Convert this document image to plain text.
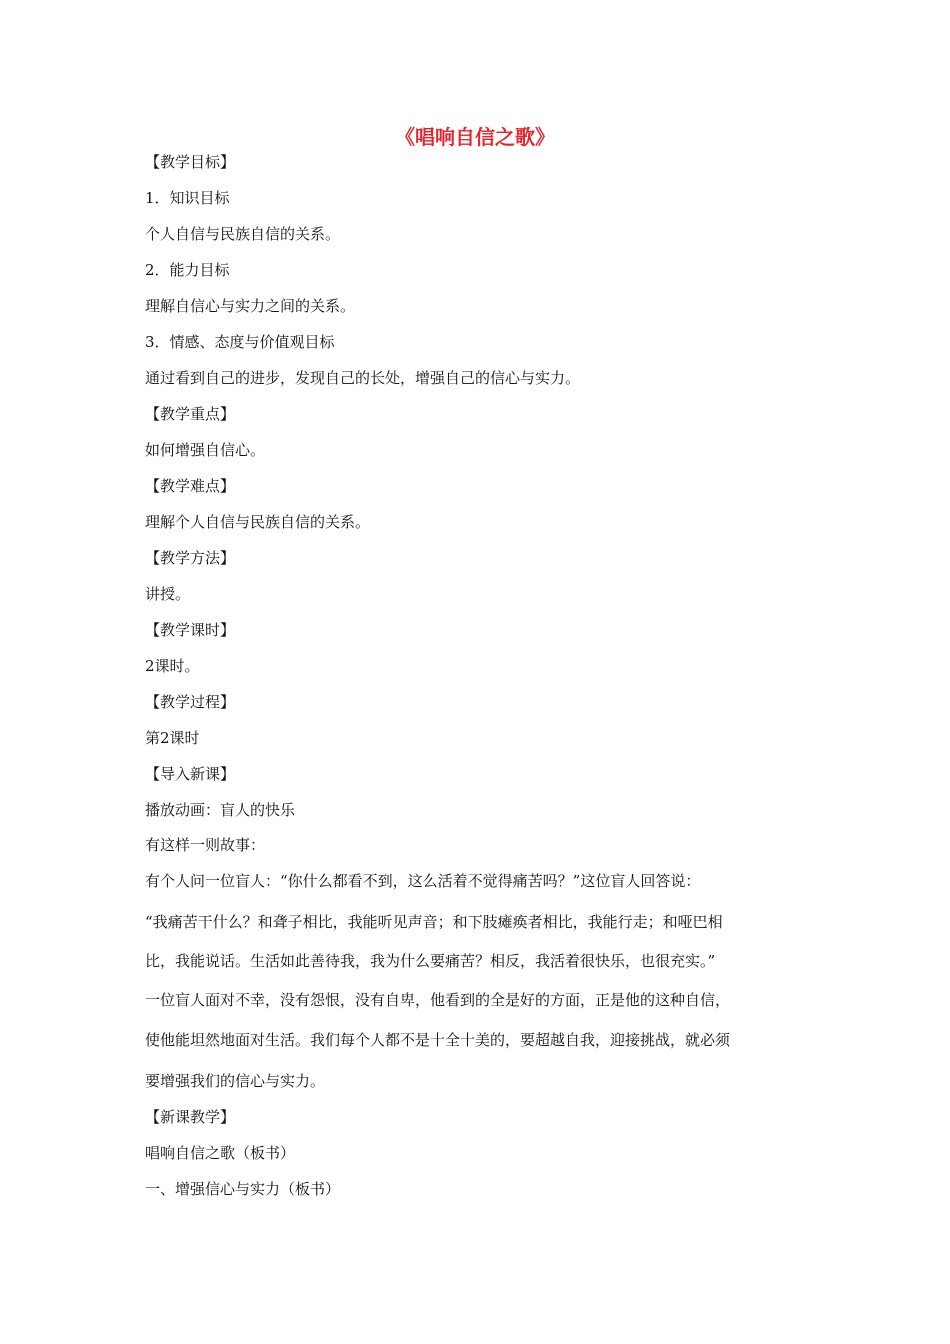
《唱响自信之歌》
【教学目标】
1．知识目标
个人自信与民族自信的关系。
2．能力目标
理解自信心与实力之间的关系。
3．情感、态度与价值观目标
通过看到自己的进步，发现自己的长处，增强自己的信心与实力。
【教学重点】
如何增强自信心。
【教学难点】
理解个人自信与民族自信的关系。
【教学方法】
讲授。
【教学课时】
2课时。
【教学过程】
第2课时
【导入新课】
播放动画：盲人的快乐
有这样一则故事：
有个人问一位盲人：“你什么都看不到，这么活着不觉得痛苦吗？”这位盲人回答说：
“我痛苦干什么？和聋子相比，我能听见声音；和下肢瘫痪者相比，我能行走；和哑巴相
比，我能说话。生活如此善待我，我为什么要痛苦？相反，我活着很快乐，也很充实。”
一位盲人面对不幸，没有怨恨，没有自卑，他看到的全是好的方面，正是他的这种自信，
使他能坦然地面对生活。我们每个人都不是十全十美的，要超越自我，迎接挑战，就必须
要增强我们的信心与实力。
【新课教学】
唱响自信之歌（板书）
一、增强信心与实力（板书）
